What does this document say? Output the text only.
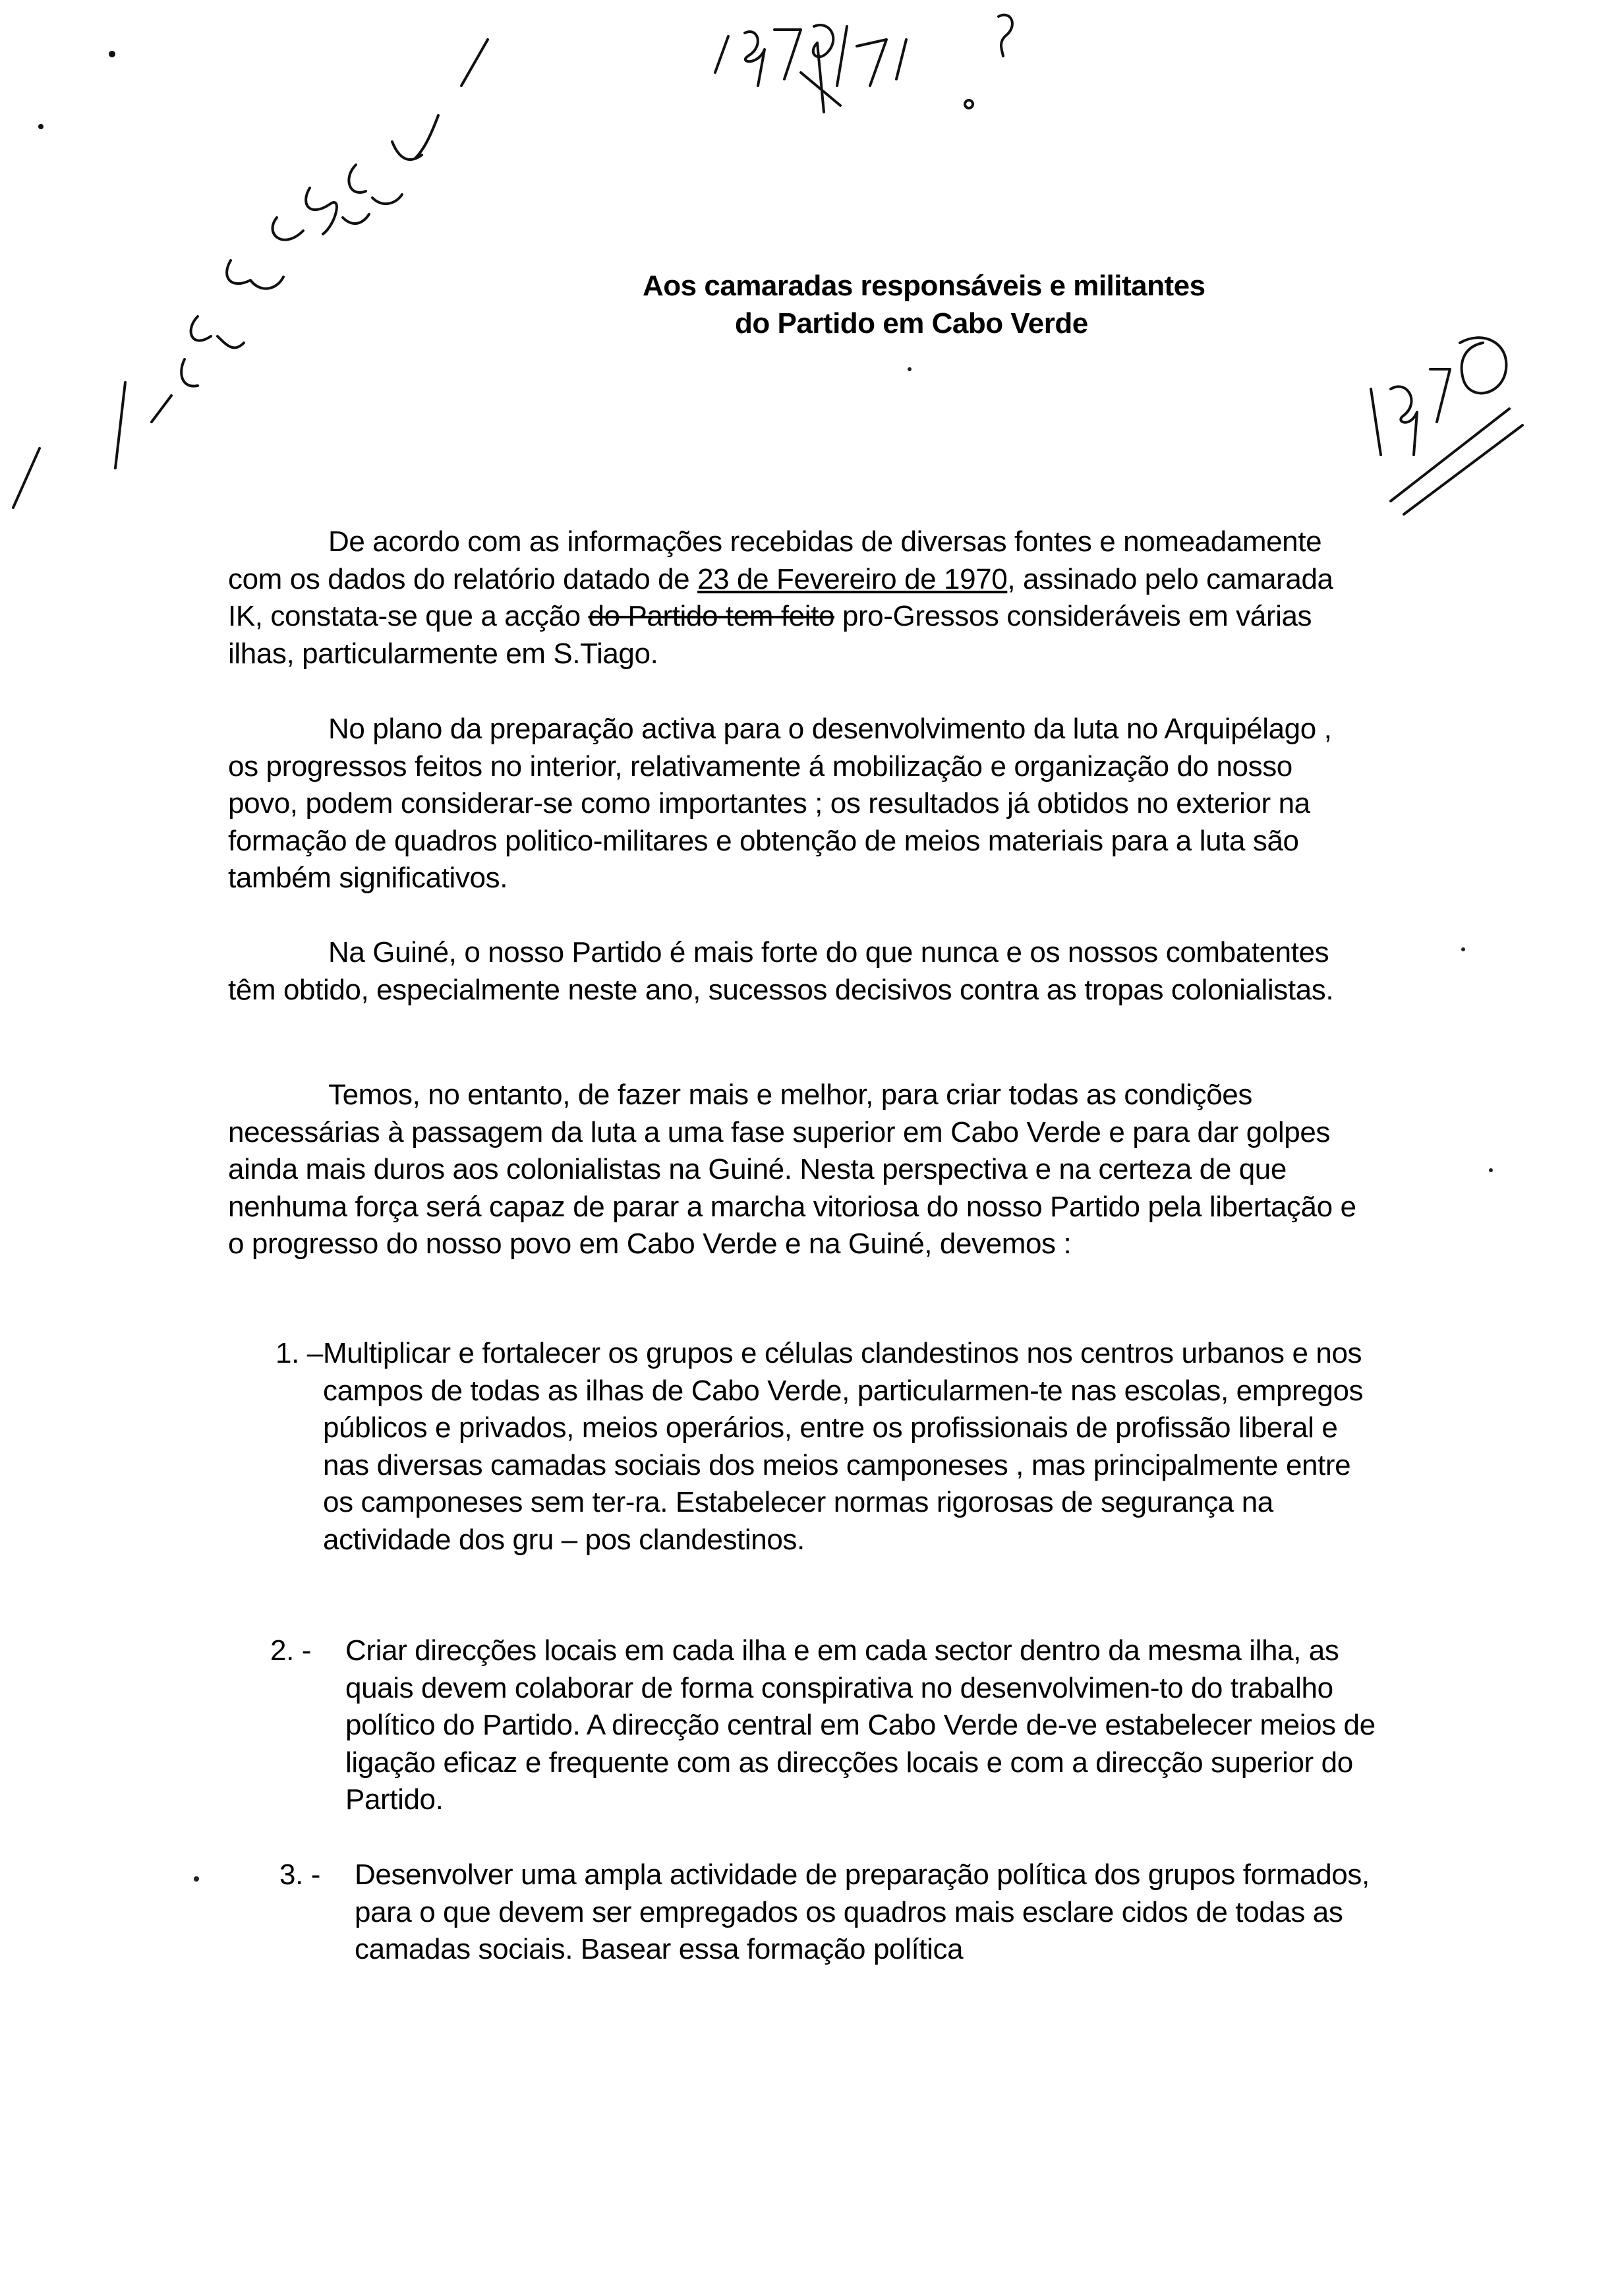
Aos camaradas responsáveis e militantes
do Partido em Cabo Verde

De acordo com as informações recebidas de diversas fontes e nomeadamente com os dados do relatório datado de 23 de Fevereiro de 1970, assinado pelo camarada IK, constata-se que a acção do Partido tem feito pro-Gressos consideráveis em várias ilhas, particularmente em S.Tiago.

No plano da preparação activa para o desenvolvimento da luta no Arquipélago , os progressos feitos no interior, relativamente á mobilização e organização do nosso povo, podem considerar-se como importantes ; os resultados já obtidos no exterior na formação de quadros politico-militares e obtenção de meios materiais para a luta são também significativos.

Na Guiné, o nosso Partido é mais forte do que nunca e os nossos combatentes têm obtido, especialmente neste ano, sucessos decisivos contra as tropas colonialistas.

Temos, no entanto, de fazer mais e melhor, para criar todas as condições necessárias à passagem da luta a uma fase superior em Cabo Verde e para dar golpes ainda mais duros aos colonialistas na Guiné. Nesta perspectiva e na certeza de que nenhuma força será capaz de parar a marcha vitoriosa do nosso Partido pela libertação e o progresso do nosso povo em Cabo Verde e na Guiné, devemos :

1. – Multiplicar e fortalecer os grupos e células clandestinos nos centros urbanos e nos campos de todas as ilhas de Cabo Verde, particularmen-te nas escolas, empregos públicos e privados, meios operários, entre os profissionais de profissão liberal e nas diversas camadas sociais dos meios camponeses , mas principalmente entre os camponeses sem ter-ra. Estabelecer normas rigorosas de segurança na actividade dos gru – pos clandestinos.
2. - Criar direcções locais em cada ilha e em cada sector dentro da mesma ilha, as quais devem colaborar de forma conspirativa no desenvolvimen-to do trabalho político do Partido. A direcção central em Cabo Verde de-ve estabelecer meios de ligação eficaz e frequente com as direcções locais e com a direcção superior do Partido.
3. - Desenvolver uma ampla actividade de preparação política dos grupos formados, para o que devem ser empregados os quadros mais esclare cidos de todas as camadas sociais. Basear essa formação política
